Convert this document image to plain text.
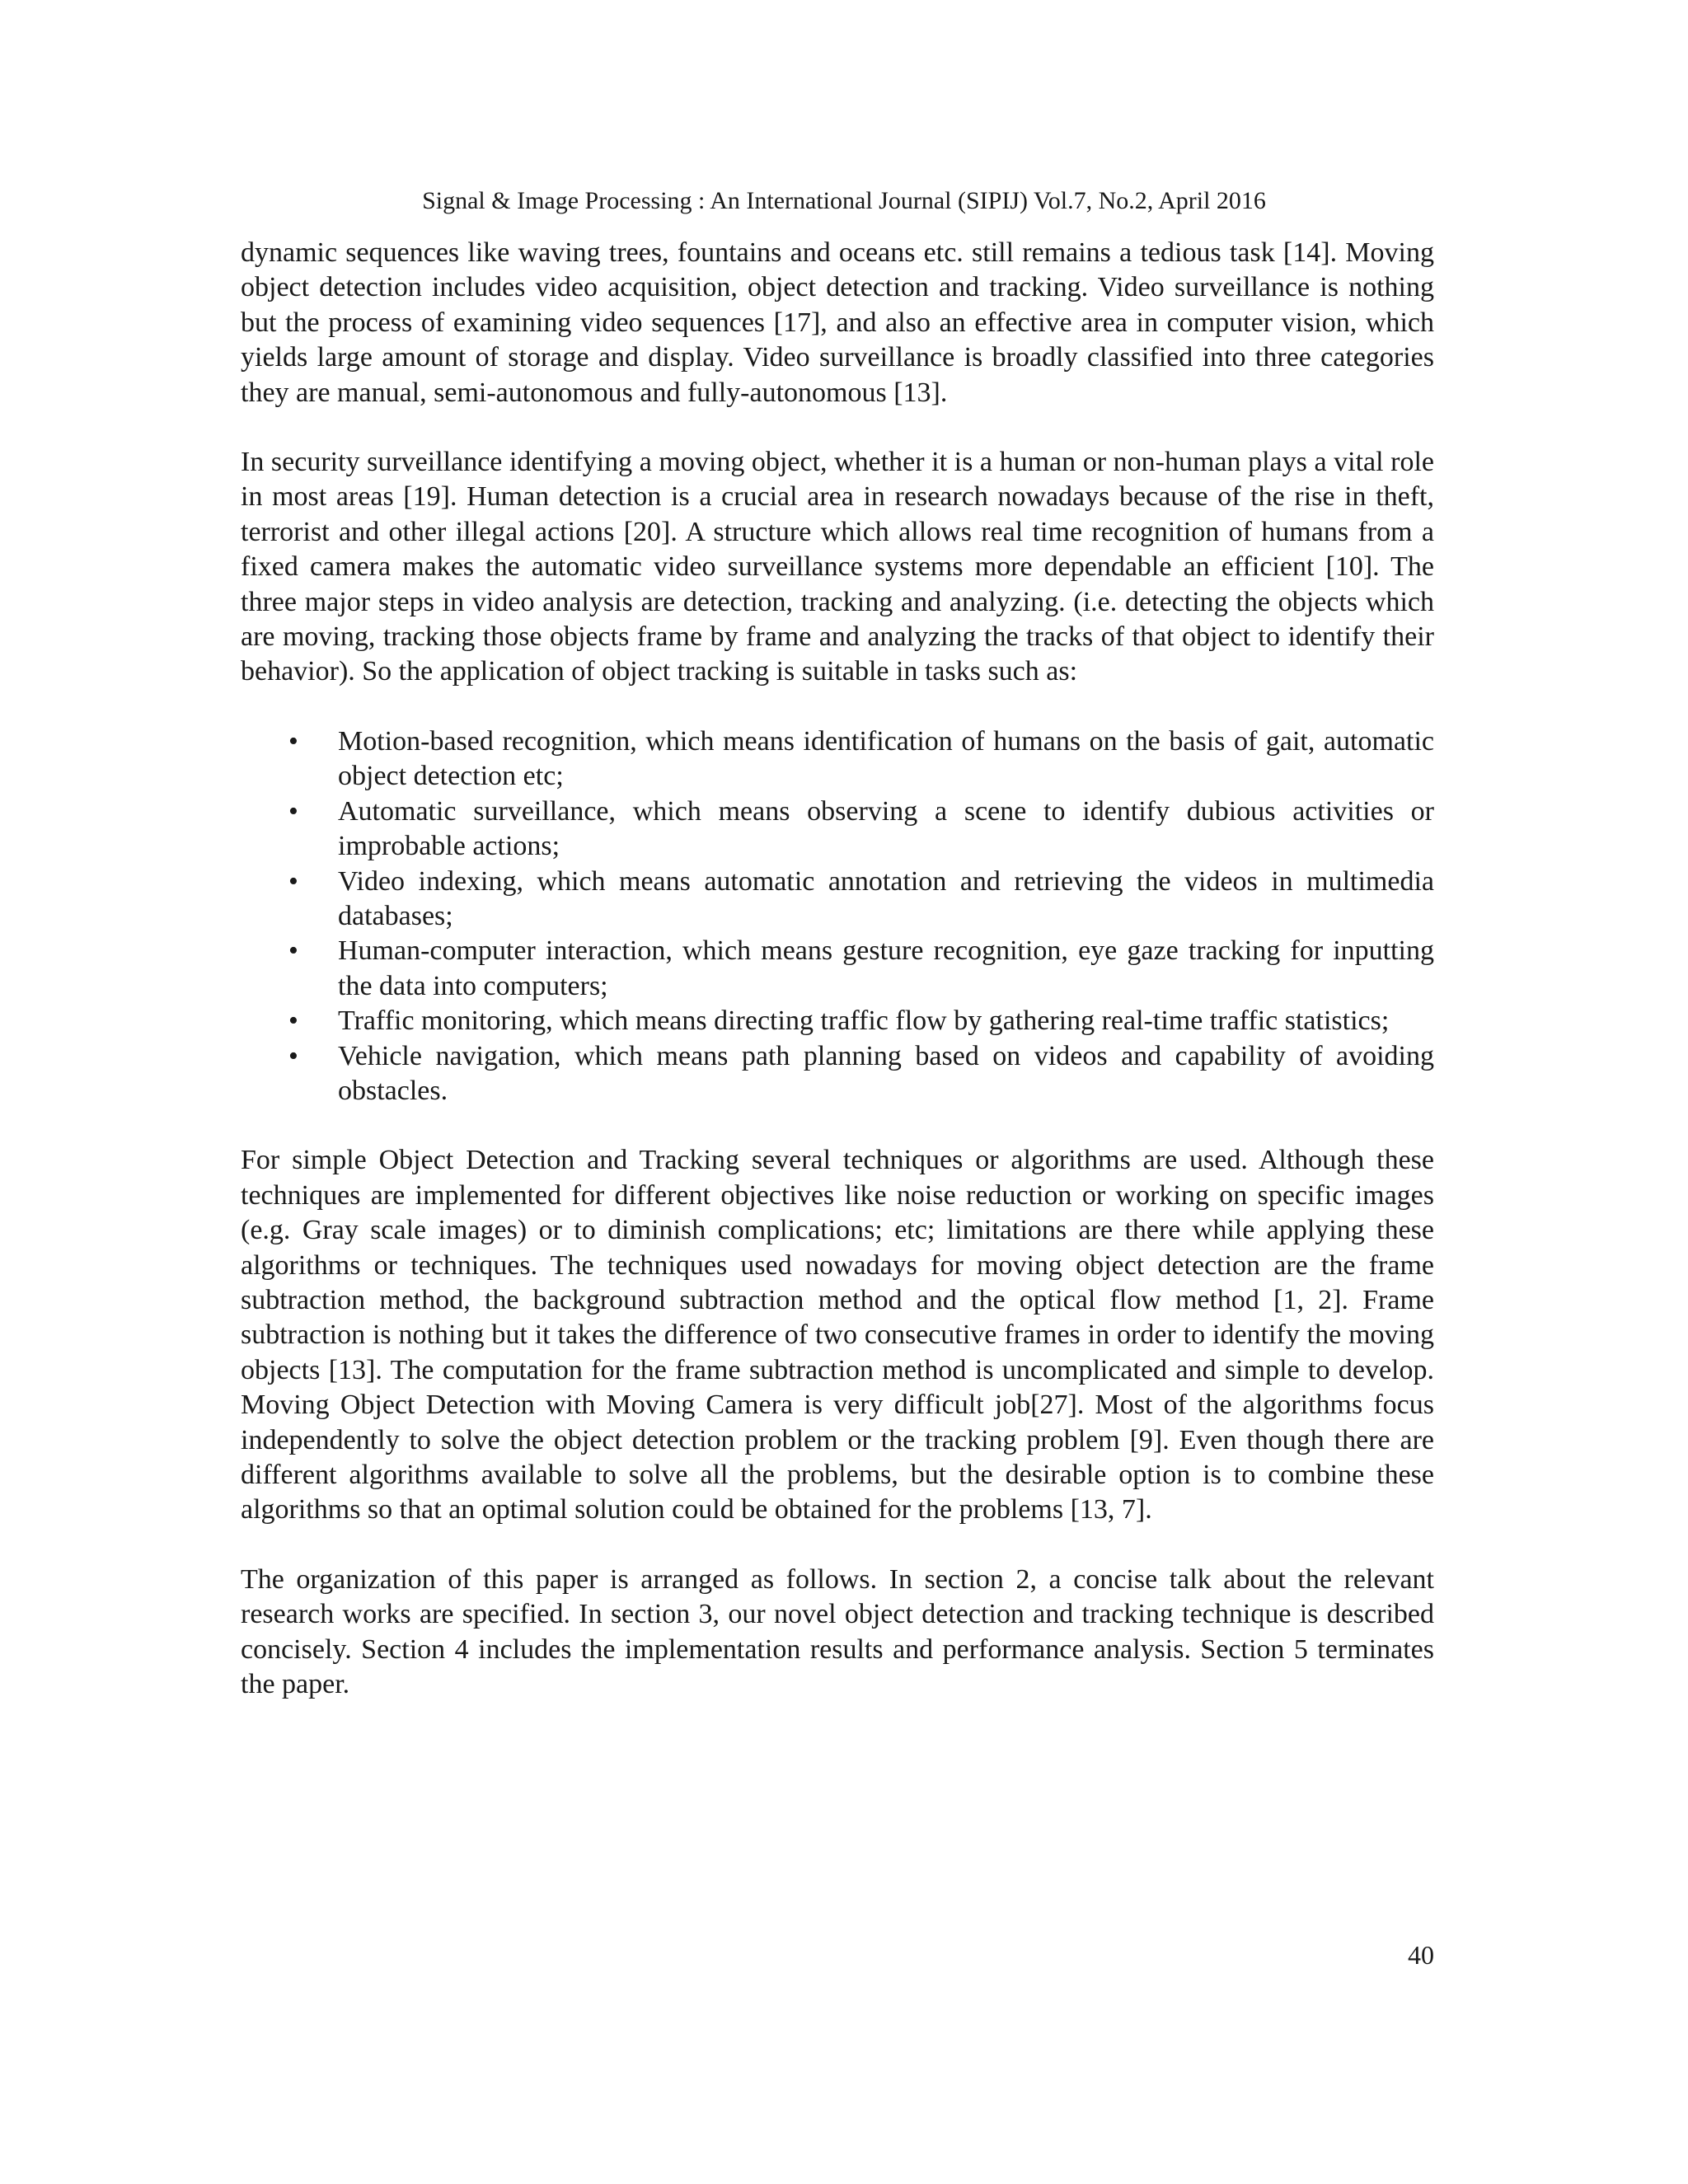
Signal & Image Processing : An International Journal (SIPIJ) Vol.7, No.2, April 2016

dynamic sequences like waving trees, fountains and oceans etc. still remains a tedious task [14]. Moving object detection includes video acquisition, object detection and tracking. Video surveillance is nothing but the process of examining video sequences [17], and also an effective area in computer vision, which yields large amount of storage and display. Video surveillance is broadly classified into three categories they are manual, semi-autonomous and fully-autonomous [13].

In security surveillance identifying a moving object, whether it is a human or non-human plays a vital role in most areas [19]. Human detection is a crucial area in research nowadays because of the rise in theft, terrorist and other illegal actions [20]. A structure which allows real time recognition of humans from a fixed camera makes the automatic video surveillance systems more dependable an efficient [10]. The three major steps in video analysis are detection, tracking and analyzing. (i.e. detecting the objects which are moving, tracking those objects frame by frame and analyzing the tracks of that object to identify their behavior). So the application of object tracking is suitable in tasks such as:

• Motion-based recognition, which means identification of humans on the basis of gait, automatic object detection etc;
• Automatic surveillance, which means observing a scene to identify dubious activities or improbable actions;
• Video indexing, which means automatic annotation and retrieving the videos in multimedia databases;
• Human-computer interaction, which means gesture recognition, eye gaze tracking for inputting the data into computers;
• Traffic monitoring, which means directing traffic flow by gathering real-time traffic statistics;
• Vehicle navigation, which means path planning based on videos and capability of avoiding obstacles.

For simple Object Detection and Tracking several techniques or algorithms are used. Although these techniques are implemented for different objectives like noise reduction or working on specific images (e.g. Gray scale images) or to diminish complications; etc; limitations are there while applying these algorithms or techniques. The techniques used nowadays for moving object detection are the frame subtraction method, the background subtraction method and the optical flow method [1, 2]. Frame subtraction is nothing but it takes the difference of two consecutive frames in order to identify the moving objects [13]. The computation for the frame subtraction method is uncomplicated and simple to develop. Moving Object Detection with Moving Camera is very difficult job[27]. Most of the algorithms focus independently to solve the object detection problem or the tracking problem [9]. Even though there are different algorithms available to solve all the problems, but the desirable option is to combine these algorithms so that an optimal solution could be obtained for the problems [13, 7].

The organization of this paper is arranged as follows. In section 2, a concise talk about the relevant research works are specified. In section 3, our novel object detection and tracking technique is described concisely. Section 4 includes the implementation results and performance analysis. Section 5 terminates the paper.

40
